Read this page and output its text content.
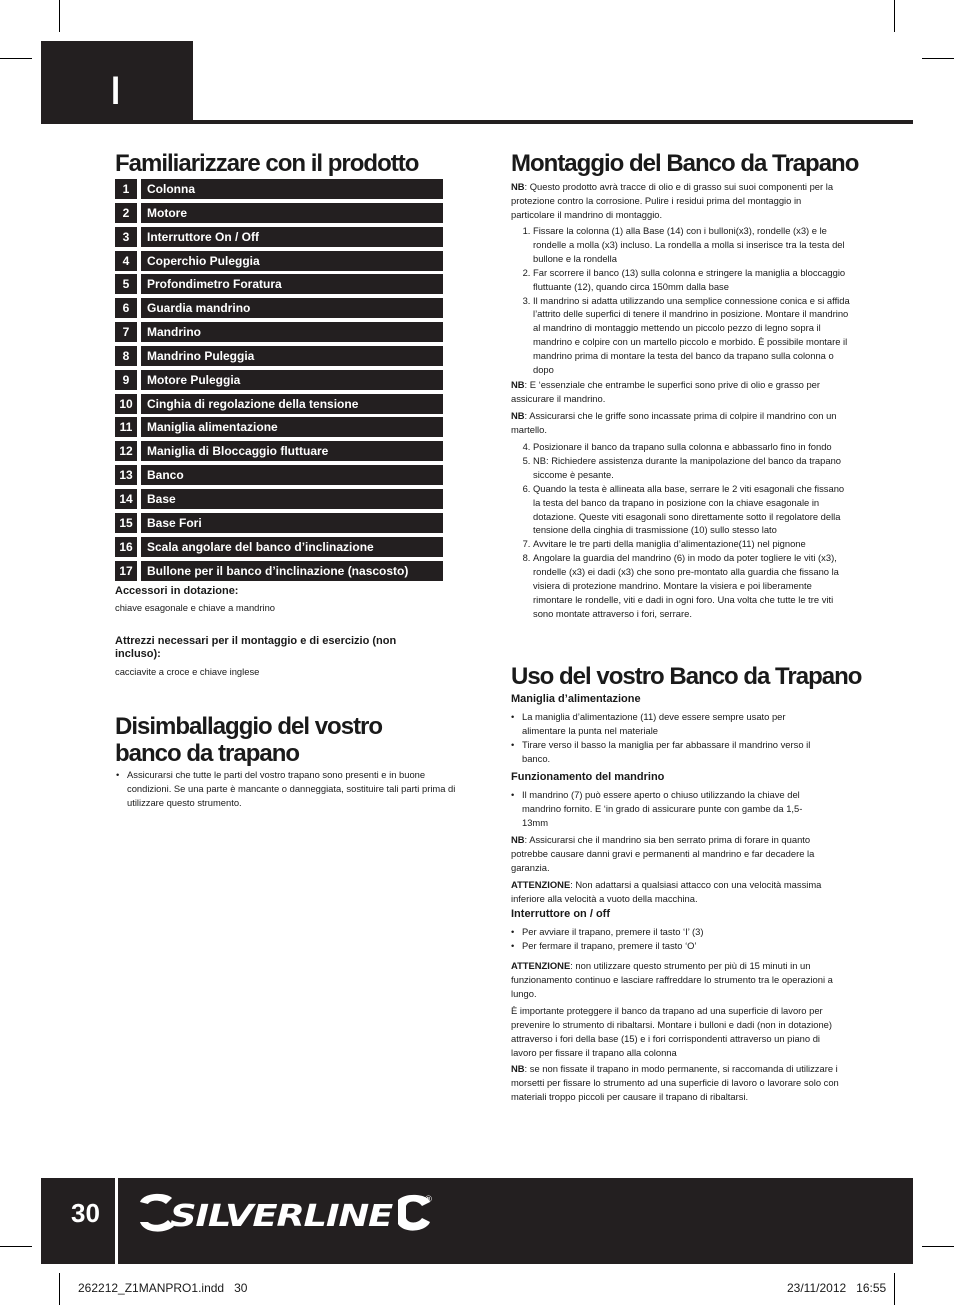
I
Familiarizzare con il prodotto
1	Colonna
2	Motore
3	Interruttore On / Off
4	Coperchio Puleggia
5	Profondimetro Foratura
6	Guardia mandrino
7	Mandrino
8	Mandrino Puleggia
9	Motore Puleggia
10	Cinghia di regolazione della tensione
11	Maniglia alimentazione
12	Maniglia di Bloccaggio fluttuare
13	Banco
14	Base
15	Base Fori
16	Scala angolare del banco d’inclinazione
17	Bullone per il banco d’inclinazione (nascosto)
Accessori in dotazione:
chiave esagonale e chiave a mandrino
Attrezzi necessari per il montaggio e di esercizio (non incluso):
cacciavite a croce e chiave inglese
Disimballaggio del vostro banco da trapano
• Assicurarsi che tutte le parti del vostro trapano sono presenti e in buone condizioni. Se una parte è mancante o danneggiata, sostituire tali parti prima di utilizzare questo strumento.
Montaggio del Banco da Trapano

NB: Questo prodotto avrà tracce di olio e di grasso sui suoi componenti per la protezione contro la corrosione. Pulire i residui prima del montaggio in particolare il mandrino di montaggio.

1. Fissare la colonna (1) alla Base (14) con i bulloni(x3), rondelle (x3) e le rondelle a molla (x3) incluso. La rondella a molla si inserisce tra la testa del bullone e la rondella
2. Far scorrere il banco (13) sulla colonna e stringere la maniglia a bloccaggio fluttuante (12), quando circa 150mm dalla base
3. Il mandrino si adatta utilizzando una semplice connessione conica e si affida l’attrito delle superfici di tenere il mandrino in posizione. Montare il mandrino al mandrino di montaggio mettendo un piccolo pezzo di legno sopra il mandrino e colpire con un martello piccolo e morbido. È possibile montare il mandrino prima di montare la testa del banco da trapano sulla colonna o dopo

NB: E ‘essenziale che entrambe le superfici sono prive di olio e grasso per assicurare il mandrino.

NB: Assicurarsi che le griffe sono incassate prima di colpire il mandrino con un martello.

4. Posizionare il banco da trapano sulla colonna e abbassarlo fino in fondo
5. NB: Richiedere assistenza durante la manipolazione del banco da trapano siccome è pesante.
6. Quando la testa è allineata alla base, serrare le 2 viti esagonali che fissano la testa del banco da trapano in posizione con la chiave esagonale in dotazione. Queste viti esagonali sono direttamente sotto il regolatore della tensione della cinghia di trasmissione (10) sullo stesso lato
7. Avvitare le tre parti della maniglia d’alimentazione(11) nel pignone
8. Angolare la guardia del mandrino (6) in modo da poter togliere le viti (x3), rondelle (x3) ei dadi (x3) che sono pre-montato alla guardia che fissano la visiera di protezione mandrino. Montare la visiera e poi liberamente rimontare le rondelle, viti e dadi in ogni foro. Una volta che tutte le tre viti sono montate attraverso i fori, serrare.
Uso del vostro Banco da Trapano
Maniglia d’alimentazione
• La maniglia d’alimentazione (11) deve essere sempre usato per alimentare la punta nel materiale
• Tirare verso il basso la maniglia per far abbassare il mandrino verso il banco.
Funzionamento del mandrino
• Il mandrino (7) può essere aperto o chiuso utilizzando la chiave del mandrino fornito. E ‘in grado di assicurare punte con gambe da 1,5-13mm

NB: Assicurarsi che il mandrino sia ben serrato prima di forare in quanto potrebbe causare danni gravi e permanenti al mandrino e far decadere la garanzia.

ATTENZIONE: Non adattarsi a qualsiasi attacco con una velocità massima inferiore alla velocità a vuoto della macchina.

Interruttore on / off
• Per avviare il trapano, premere il tasto ‘I’ (3)
• Per fermare il trapano, premere il tasto ‘O’

ATTENZIONE: non utilizzare questo strumento per più di 15 minuti in un funzionamento continuo e lasciare raffreddare lo strumento tra le operazioni a lungo.

È importante proteggere il banco da trapano ad una superficie di lavoro per prevenire lo strumento di ribaltarsi. Montare i bulloni e dadi (non in dotazione) attraverso i fori della base (15) e i fori corrispondenti attraverso un piano di lavoro per fissare il trapano alla colonna

NB: se non fissate il trapano in modo permanente, si raccomanda di utilizzare i morsetti per fissare lo strumento ad una superficie di lavoro o lavorare solo con materiali troppo piccoli per causare il trapano di ribaltarsi.

30 SILVERLINE	®
262212_Z1MANPRO1.indd   30	23/11/2012   16:55
